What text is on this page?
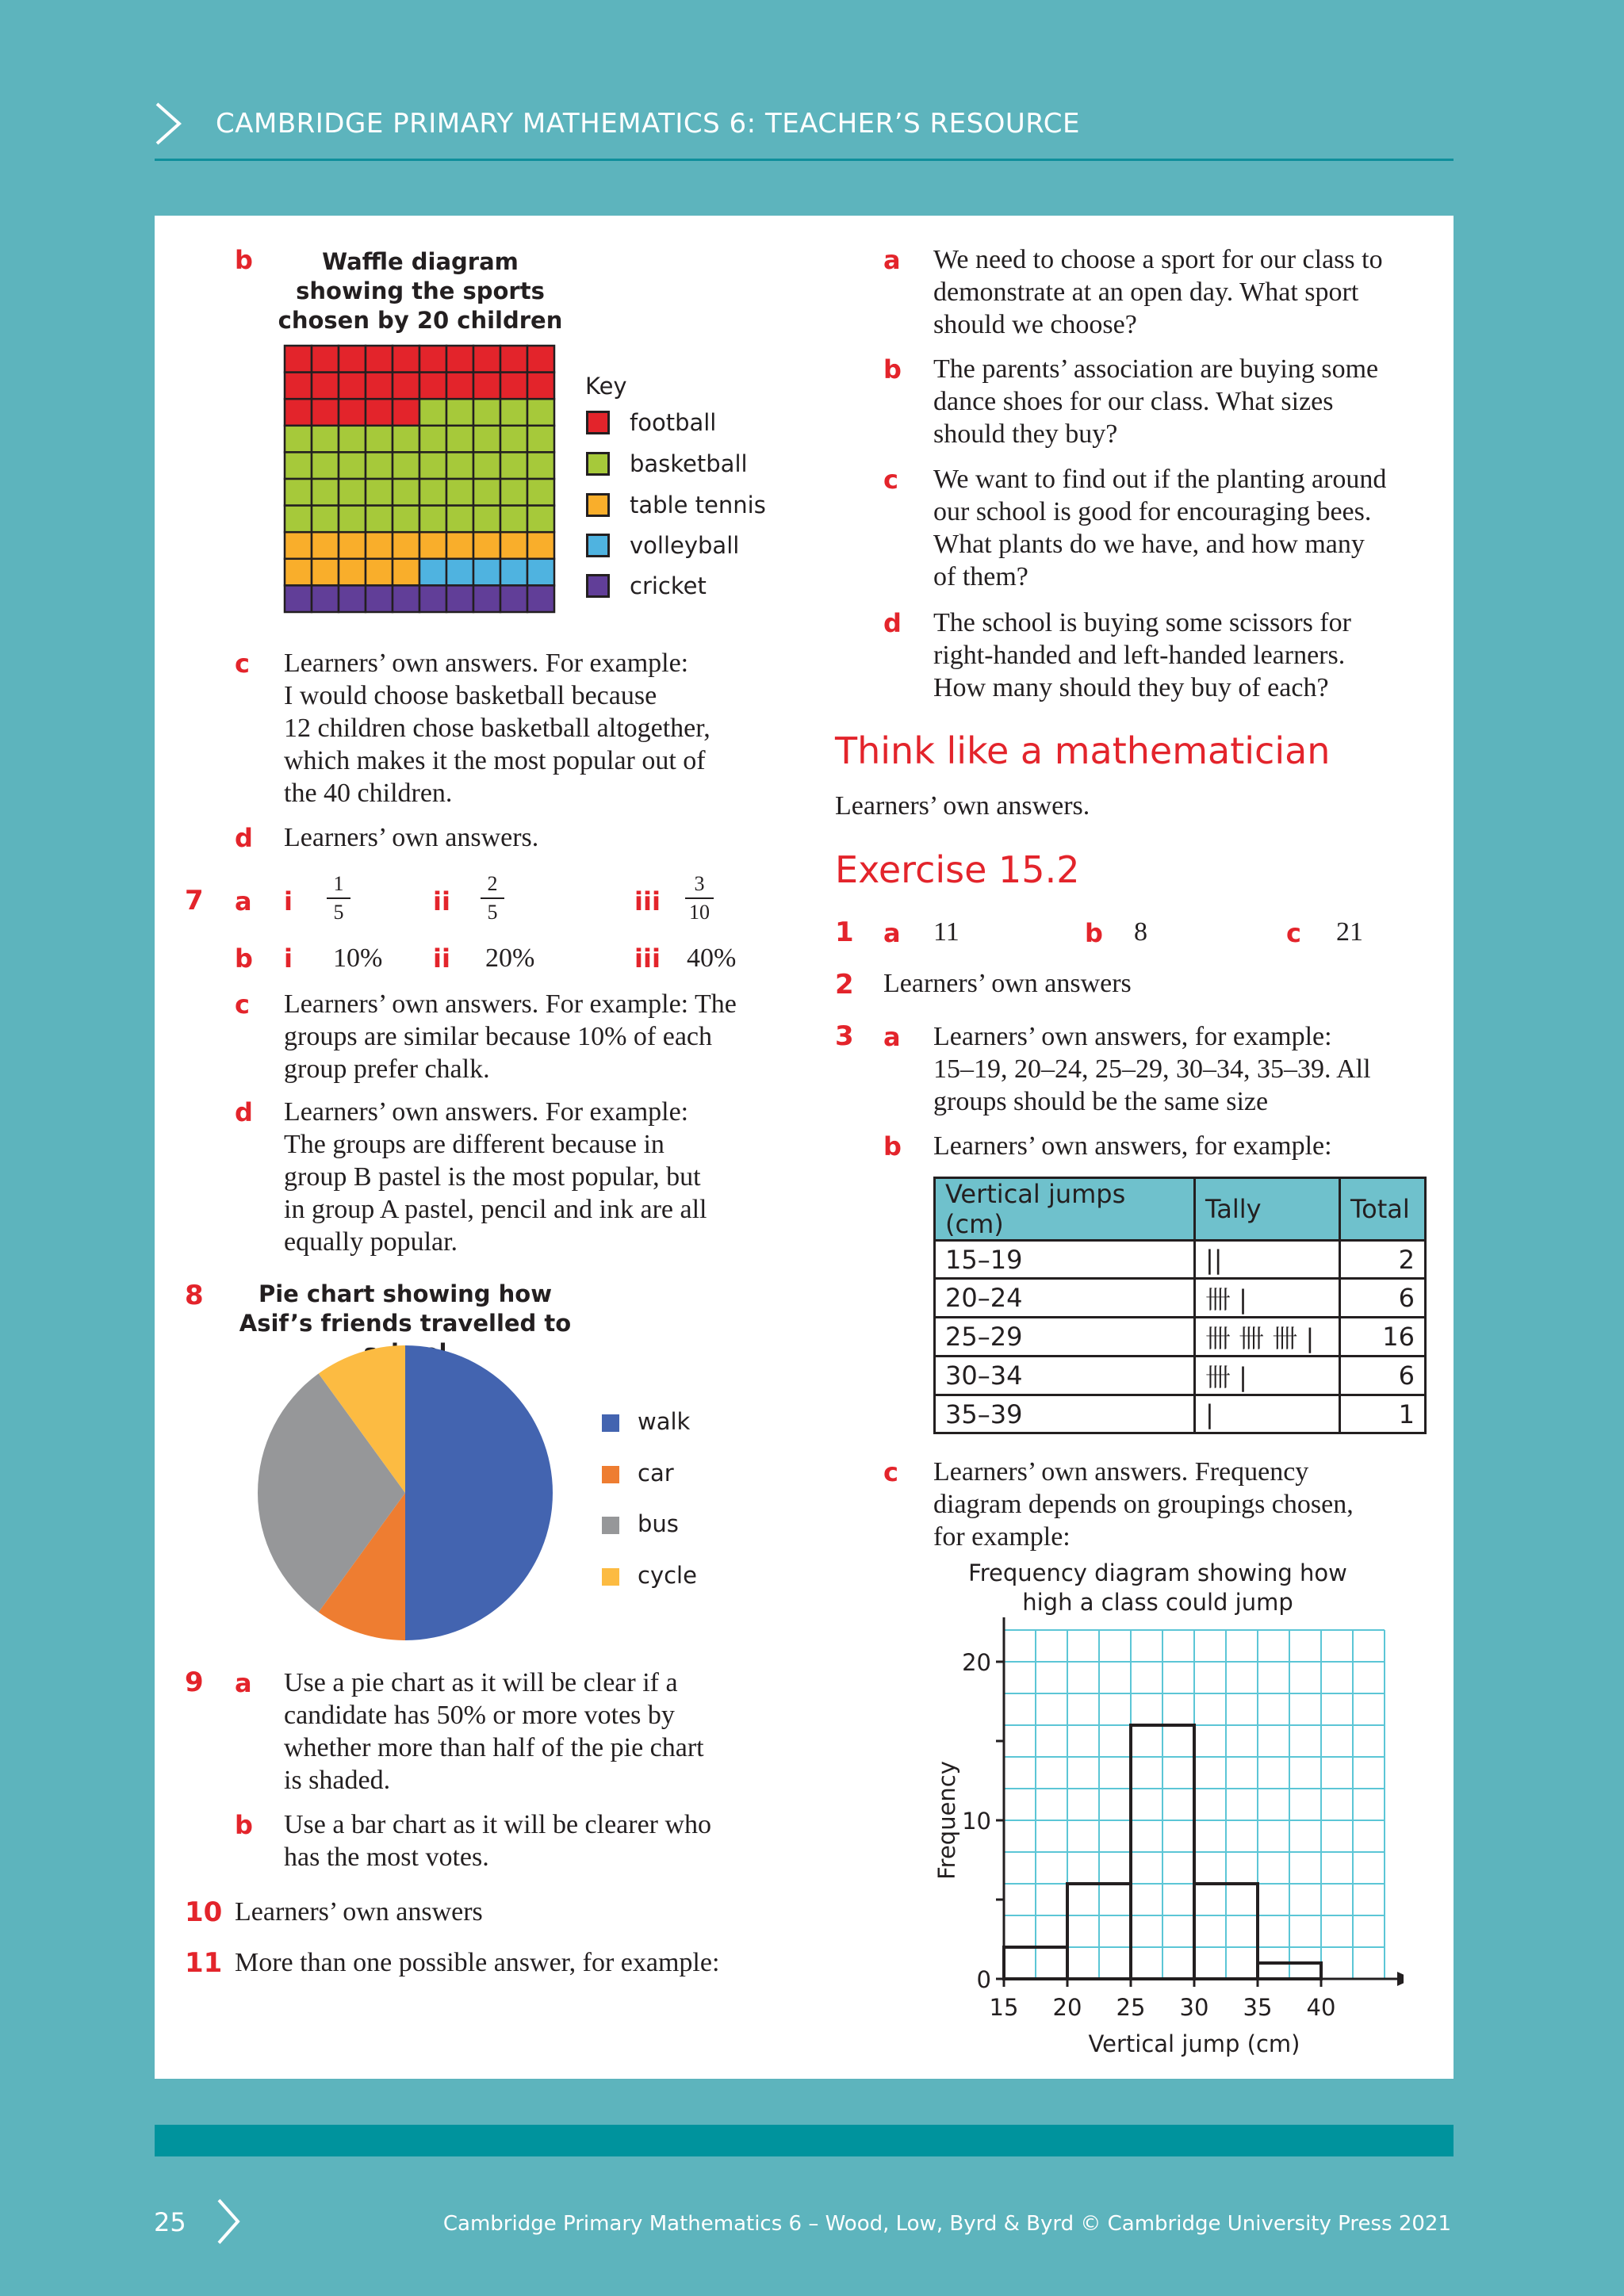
CAMBRIDGE PRIMARY MATHEMATICS 6: TEACHER’S RESOURCE
b	Waffle diagram showing the sports chosen by 20 children
Key
football
basketball
table tennis
volleyball
cricket
c Learners’ own answers. For example:
I would choose basketball because
12 children chose basketball altogether,
which makes it the most popular out of
the 40 children.
d Learners’ own answers.
7 a i
1
5	ii
2
5	iii
3
10
b i 10% ii 20%	iii 40%
c Learners’ own answers. For example: The
groups are similar because 10% of each
group prefer chalk.
d Learners’ own answers. For example:
The groups are different because in
group B pastel is the most popular, but
in group A pastel, pencil and ink are all
equally popular.
8	Pie chart showing how Asif’s friends travelled to
walk
car
bus
cycle
9 a Use a pie chart as it will be clear if a
candidate has 50% or more votes by
whether more than half of the pie chart
is shaded.
b Use a bar chart as it will be clearer who
has the most votes.
10 Learners’ own answers
11 More than one possible answer, for example:
a We need to choose a sport for our class to
demonstrate at an open day. What sport
should we choose?
b The parents’ association are buying some
dance shoes for our class. What sizes
should they buy?
c We want to find out if the planting around
our school is good for encouraging bees.
What plants do we have, and how many
of them?
d The school is buying some scissors for
right-handed and left-handed learners.
How many should they buy of each?
Think like a mathematician
Learners’ own answers.
Exercise 15.2
1 a 11	b 8	c 21
2 Learners’ own answers
3 a Learners’ own answers, for example:
15–19, 20–24, 25–29, 30–34, 35–39. All
groups should be the same size
b Learners’ own answers, for example:
Vertical jumps (cm)	Tally	Total
15–19	||	2
20–24	卌 |	6
25–29	卌 卌 卌 |	16
30–34	卌 |	6
35–39	|	1
c Learners’ own answers. Frequency
diagram depends on groupings chosen,
for example:
Frequency diagram showing how high a class could jump
0
10
20
15 20 25 30 35 40
Vertical jump (cm)
Frequency
25	Cambridge Primary Mathematics 6 – Wood, Low, Byrd & Byrd © Cambridge University Press 2021
